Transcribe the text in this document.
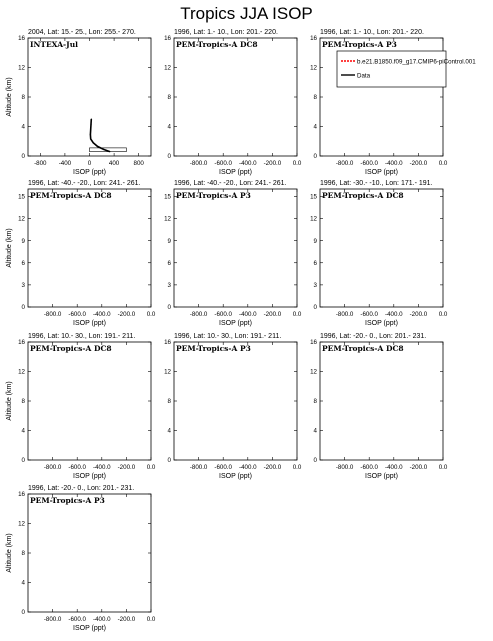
Tropics JJA ISOP
2004, Lat: 15.- 25., Lon: 255.- 270.
INTEXA-Jul
-800 -400	0	400 800
0
4
8
12
16
ISOP (ppt)
Altitude (km)
1996, Lat: 1.- 10., Lon: 201.- 220.
PEM-Tropics-A DC8
-800.0 -600.0 -400.0 -200.0 0.0
0
4
8
12
16
ISOP (ppt)
1996, Lat: 1.- 10., Lon: 201.- 220.
PEM-Tropics-A P3
-800.0 -600.0 -400.0 -200.0 0.0
0
4
8
12
16
ISOP (ppt)
b.e21.B1850.f09_g17.CMIP6-piControl.001
Data
1996, Lat: -40.- -20., Lon: 241.- 261.
PEM-Tropics-A DC8
-800.0 -600.0 -400.0 -200.0 0.0
0
3
6
9
12
15
ISOP (ppt)
Altitude (km)
1996, Lat: -40.- -20., Lon: 241.- 261.
PEM-Tropics-A P3
-800.0 -600.0 -400.0 -200.0 0.0
0
3
6
9
12
15
ISOP (ppt)
1996, Lat: -30.- -10., Lon: 171.- 191.
PEM-Tropics-A DC8
-800.0 -600.0 -400.0 -200.0 0.0
0
3
6
9
12
15
ISOP (ppt)
1996, Lat: 10.- 30., Lon: 191.- 211.
PEM-Tropics-A DC8
-800.0 -600.0 -400.0 -200.0 0.0
0
4
8
12
16
ISOP (ppt)
Altitude (km)
1996, Lat: 10.- 30., Lon: 191.- 211.
PEM-Tropics-A P3
-800.0 -600.0 -400.0 -200.0 0.0
0
4
8
12
16
ISOP (ppt)
1996, Lat: -20.- 0., Lon: 201.- 231.
PEM-Tropics-A DC8
-800.0 -600.0 -400.0 -200.0 0.0
0
4
8
12
16
ISOP (ppt)
1996, Lat: -20.- 0., Lon: 201.- 231.
PEM-Tropics-A P3
-800.0 -600.0 -400.0 -200.0 0.0
0
4
8
12
16
ISOP (ppt)
Altitude (km)
